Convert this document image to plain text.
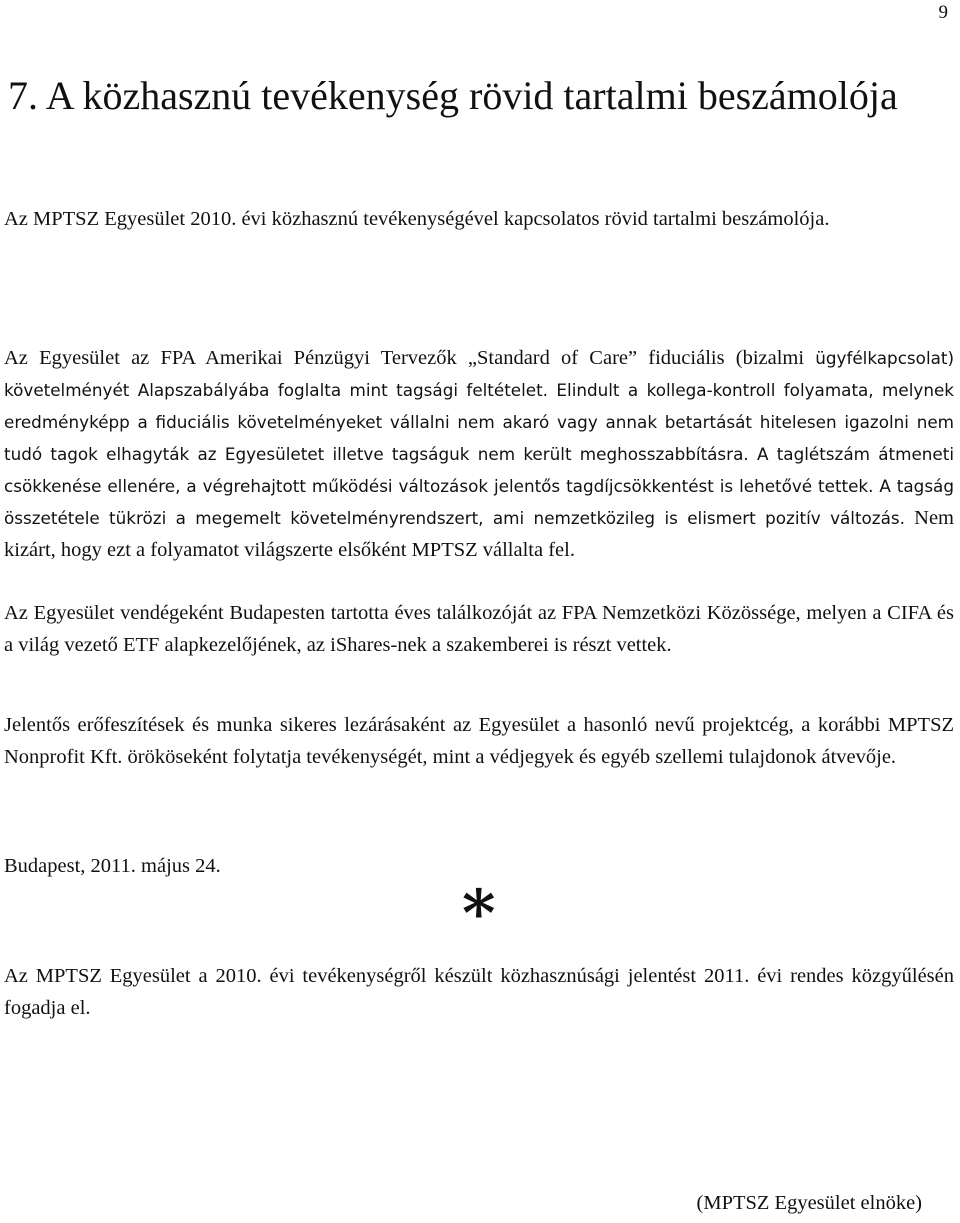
9
7. A közhasznú tevékenység rövid tartalmi beszámolója

Az MPTSZ Egyesület 2010. évi közhasznú tevékenységével kapcsolatos rövid tartalmi beszámolója.

Az Egyesület az FPA Amerikai Pénzügyi Tervezők „Standard of Care” fiduciális (bizalmi ügyfélkapcsolat) követelményét Alapszabályába foglalta mint tagsági feltételet. Elindult a kollega-kontroll folyamata, melynek eredményképp a fiduciális követelményeket vállalni nem akaró vagy annak betartását hitelesen igazolni nem tudó tagok elhagyták az Egyesületet illetve tagságuk nem került meghosszabbításra. A taglétszám átmeneti csökkenése ellenére, a végrehajtott működési változások jelentős tagdíjcsökkentést is lehetővé tettek. A tagság összetétele tükrözi a megemelt követelményrendszert, ami nemzetközileg is elismert pozitív változás. Nem kizárt, hogy ezt a folyamatot világszerte elsőként MPTSZ vállalta fel.

Az Egyesület vendégeként Budapesten tartotta éves találkozóját az FPA Nemzetközi Közössége, melyen a CIFA és a világ vezető ETF alapkezelőjének, az iShares-nek a szakemberei is részt vettek.

Jelentős erőfeszítések és munka sikeres lezárásaként az Egyesület a hasonló nevű projektcég, a korábbi MPTSZ Nonprofit Kft. örököseként folytatja tevékenységét, mint a védjegyek és egyéb szellemi tulajdonok átvevője.

Budapest, 2011. május 24.

*

Az MPTSZ Egyesület a 2010. évi tevékenységről készült közhasznúsági jelentést 2011. évi rendes közgyűlésén fogadja el.

(MPTSZ Egyesület elnöke)
